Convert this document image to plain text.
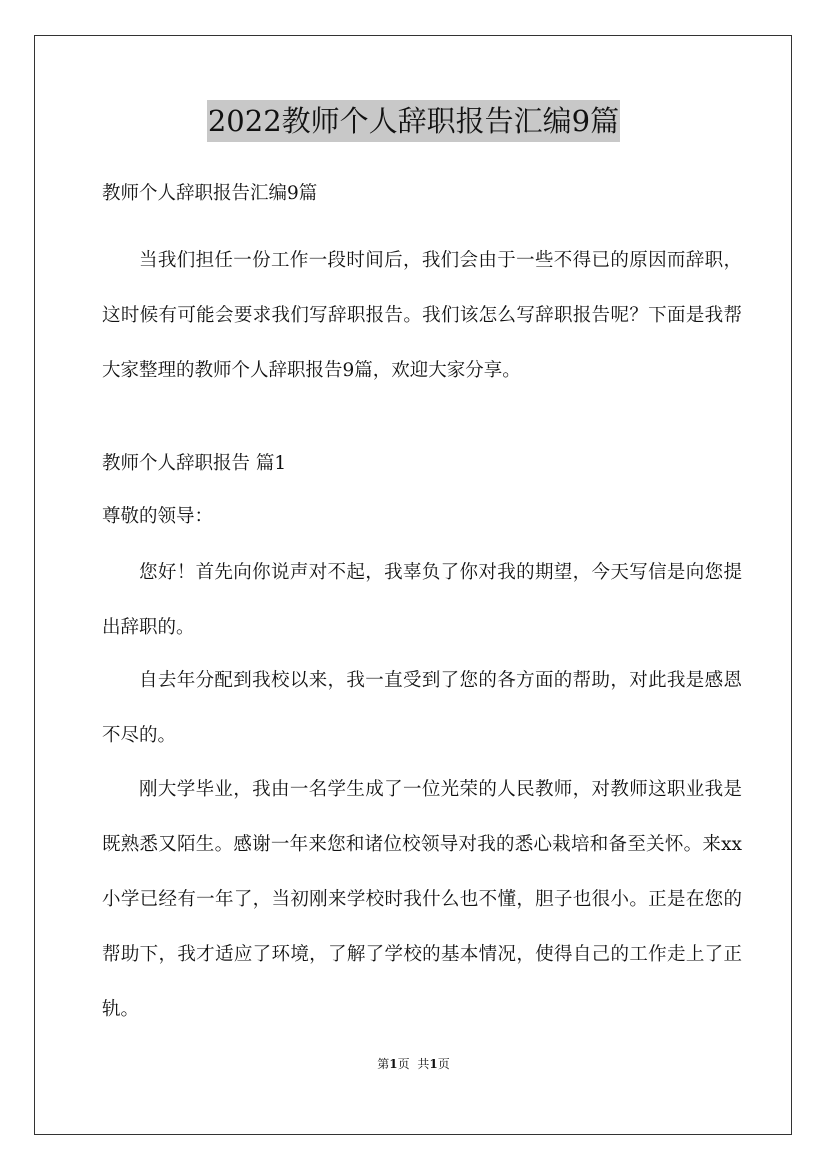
2022教师个人辞职报告汇编9篇

教师个人辞职报告汇编9篇

当我们担任一份工作一段时间后，我们会由于一些不得已的原因而辞职，这时候有可能会要求我们写辞职报告。我们该怎么写辞职报告呢？下面是我帮大家整理的教师个人辞职报告9篇，欢迎大家分享。

教师个人辞职报告 篇1

尊敬的领导：

您好！首先向你说声对不起，我辜负了你对我的期望，今天写信是向您提出辞职的。

自去年分配到我校以来，我一直受到了您的各方面的帮助，对此我是感恩不尽的。

刚大学毕业，我由一名学生成了一位光荣的人民教师，对教师这职业我是既熟悉又陌生。感谢一年来您和诸位校领导对我的悉心栽培和备至关怀。来xx小学已经有一年了，当初刚来学校时我什么也不懂，胆子也很小。正是在您的帮助下，我才适应了环境，了解了学校的基本情况，使得自己的工作走上了正轨。

第1页 共1页
